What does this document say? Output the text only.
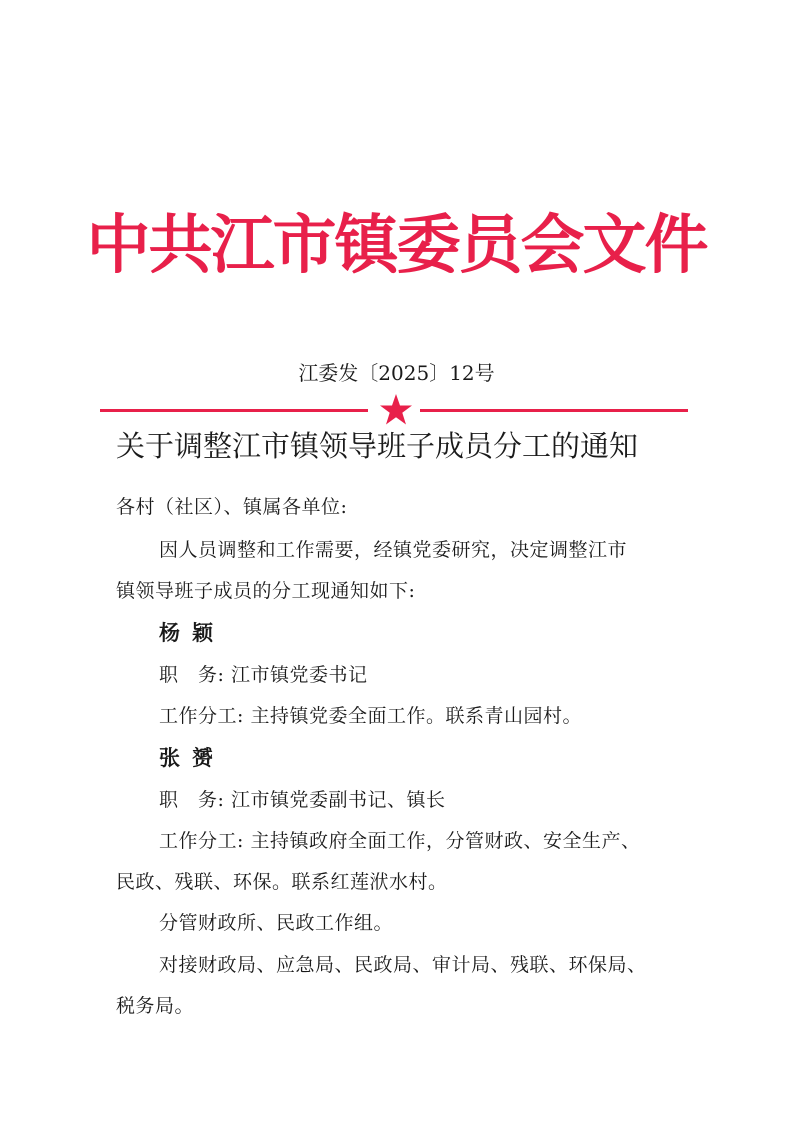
中共江市镇委员会文件
江委发〔2025〕12号
关于调整江市镇领导班子成员分工的通知
各村（社区）、镇属各单位:
因人员调整和工作需要，经镇党委研究，决定调整江市
镇领导班子成员的分工现通知如下:
杨颖
职　务: 江市镇党委书记
工作分工: 主持镇党委全面工作。联系青山园村。
张赟
职　务: 江市镇党委副书记、镇长
工作分工: 主持镇政府全面工作，分管财政、安全生产、
民政、残联、环保。联系红莲洑水村。
分管财政所、民政工作组。
对接财政局、应急局、民政局、审计局、残联、环保局、
税务局。
